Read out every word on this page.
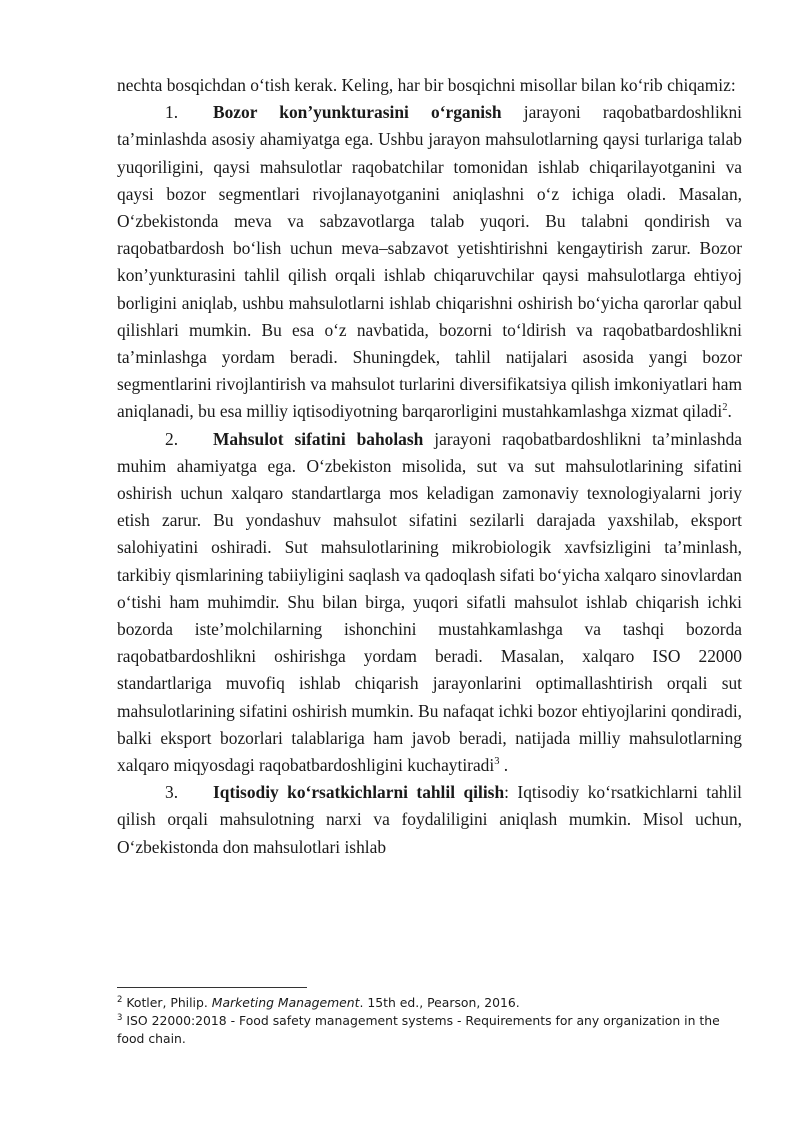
nechta bosqichdan o‘tish kerak. Keling, har bir bosqichni misollar bilan ko‘rib chiqamiz:

1. Bozor kon’yunkturasini o‘rganish jarayoni raqobatbardoshlikni ta’minlashda asosiy ahamiyatga ega. Ushbu jarayon mahsulotlarning qaysi turlariga talab yuqoriligini, qaysi mahsulotlar raqobatchilar tomonidan ishlab chiqarilayotganini va qaysi bozor segmentlari rivojlanayotganini aniqlashni o‘z ichiga oladi. Masalan, O‘zbekistonda meva va sabzavotlarga talab yuqori. Bu talabni qondirish va raqobatbardosh bo‘lish uchun meva–sabzavot yetishtirishni kengaytirish zarur. Bozor kon’yunkturasini tahlil qilish orqali ishlab chiqaruvchilar qaysi mahsulotlarga ehtiyoj borligini aniqlab, ushbu mahsulotlarni ishlab chiqarishni oshirish bo‘yicha qarorlar qabul qilishlari mumkin. Bu esa o‘z navbatida, bozorni to‘ldirish va raqobatbardoshlikni ta’minlashga yordam beradi. Shuningdek, tahlil natijalari asosida yangi bozor segmentlarini rivojlantirish va mahsulot turlarini diversifikatsiya qilish imkoniyatlari ham aniqlanadi, bu esa milliy iqtisodiyotning barqarorligini mustahkamlashga xizmat qiladi$^2$.

2. Mahsulot sifatini baholash jarayoni raqobatbardoshlikni ta’minlashda muhim ahamiyatga ega. O‘zbekiston misolida, sut va sut mahsulotlarining sifatini oshirish uchun xalqaro standartlarga mos keladigan zamonaviy texnologiyalarni joriy etish zarur. Bu yondashuv mahsulot sifatini sezilarli darajada yaxshilab, eksport salohiyatini oshiradi. Sut mahsulotlarining mikrobiologik xavfsizligini ta’minlash, tarkibiy qismlarining tabiiyligini saqlash va qadoqlash sifati bo‘yicha xalqaro sinovlardan o‘tishi ham muhimdir. Shu bilan birga, yuqori sifatli mahsulot ishlab chiqarish ichki bozorda iste’molchilarning ishonchini mustahkamlashga va tashqi bozorda raqobatbardoshlikni oshirishga yordam beradi. Masalan, xalqaro ISO 22000 standartlariga muvofiq ishlab chiqarish jarayonlarini optimallashtirish orqali sut mahsulotlarining sifatini oshirish mumkin. Bu nafaqat ichki bozor ehtiyojlarini qondiradi, balki eksport bozorlari talablariga ham javob beradi, natijada milliy mahsulotlarning xalqaro miqyosdagi raqobatbardoshligini kuchaytiradi$^3$ .

3. Iqtisodiy ko‘rsatkichlarni tahlil qilish: Iqtisodiy ko‘rsatkichlarni tahlil qilish orqali mahsulotning narxi va foydaliligini aniqlash mumkin. Misol uchun, O‘zbekistonda don mahsulotlari ishlab

$^2$ Kotler, Philip. Marketing Management. 15th ed., Pearson, 2016.

$^3$ ISO 22000:2018 - Food safety management systems - Requirements for any organization in the food chain.
